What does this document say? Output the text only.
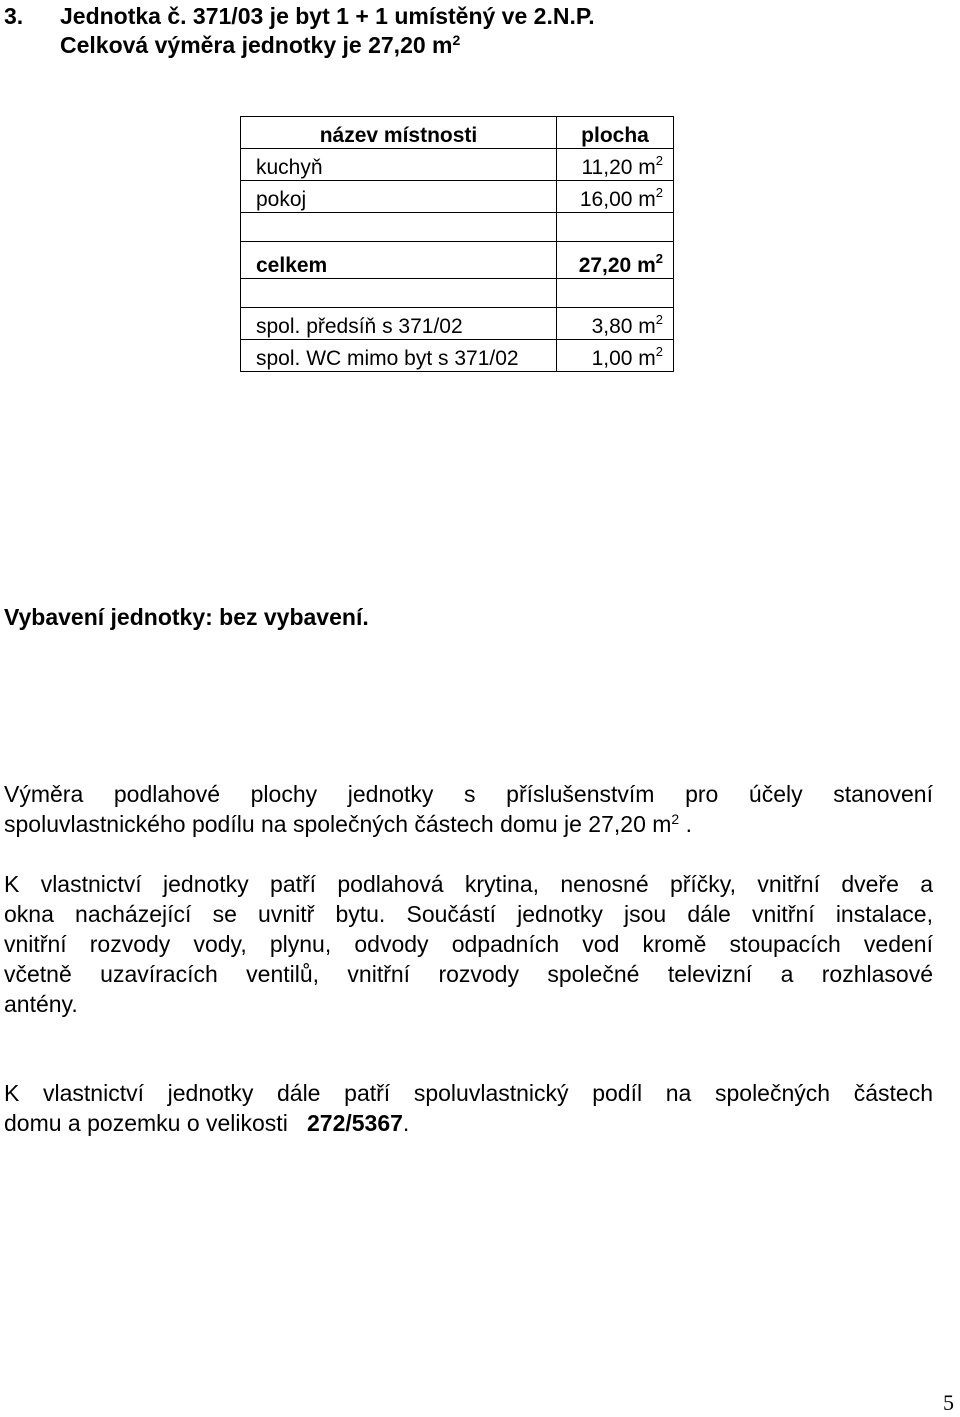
3. Jednotka č. 371/03 je byt 1 + 1 umístěný ve 2.N.P.
Celková výměra jednotky je 27,20 $m^2$
název místnosti	plocha
kuchyň	11,20 $m^2$
pokoj	16,00 $m^2$

celkem	27,20 $m^2$

spol. předsíň s 371/02	3,80 $m^2$
spol. WC mimo byt s 371/02	1,00 $m^2$
Vybavení jednotky: bez vybavení.
Výměra podlahové plochy jednotky s příslušenstvím pro účely stanovení
spoluvlastnického podílu na společných částech domu je 27,20 $m^2$ .
K vlastnictví jednotky patří podlahová krytina, nenosné příčky, vnitřní dveře a
okna nacházející se uvnitř bytu. Součástí jednotky jsou dále vnitřní instalace,
vnitřní rozvody vody, plynu, odvody odpadních vod kromě stoupacích vedení
včetně uzavíracích ventilů, vnitřní rozvody společné televizní a rozhlasové
antény.
K vlastnictví jednotky dále patří spoluvlastnický podíl na společných částech
domu a pozemku o velikosti   272/5367.
5
